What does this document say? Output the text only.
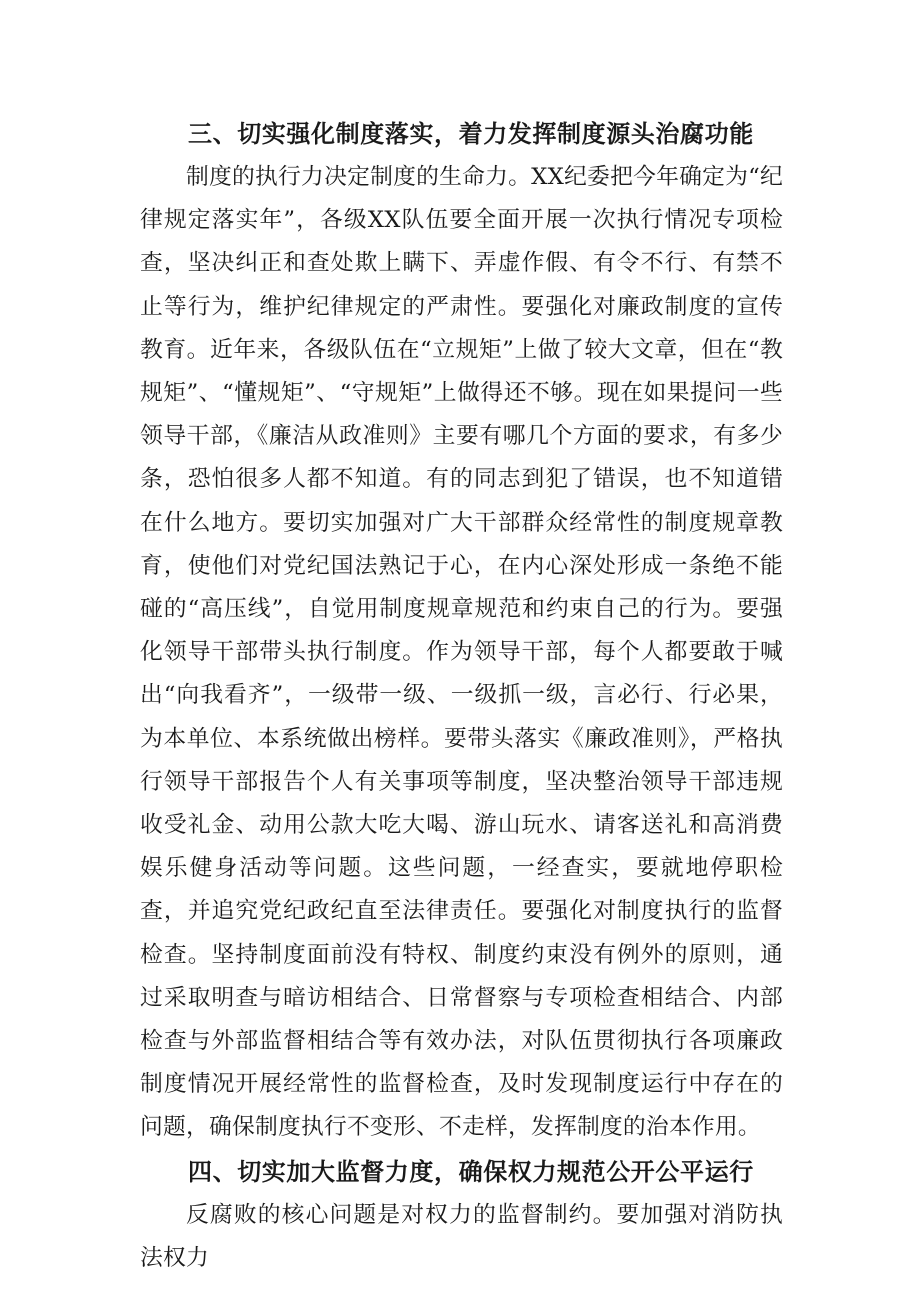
三、切实强化制度落实，着力发挥制度源头治腐功能

制度的执行力决定制度的生命力。XX纪委把今年确定为“纪律规定落实年”，各级XX队伍要全面开展一次执行情况专项检查，坚决纠正和查处欺上瞒下、弄虚作假、有令不行、有禁不止等行为，维护纪律规定的严肃性。要强化对廉政制度的宣传教育。近年来，各级队伍在“立规矩”上做了较大文章，但在“教规矩”、“懂规矩”、“守规矩”上做得还不够。现在如果提问一些领导干部，《廉洁从政准则》主要有哪几个方面的要求，有多少条，恐怕很多人都不知道。有的同志到犯了错误，也不知道错在什么地方。要切实加强对广大干部群众经常性的制度规章教育，使他们对党纪国法熟记于心，在内心深处形成一条绝不能碰的“高压线”，自觉用制度规章规范和约束自己的行为。要强化领导干部带头执行制度。作为领导干部，每个人都要敢于喊出“向我看齐”，一级带一级、一级抓一级，言必行、行必果，为本单位、本系统做出榜样。要带头落实《廉政准则》，严格执行领导干部报告个人有关事项等制度，坚决整治领导干部违规收受礼金、动用公款大吃大喝、游山玩水、请客送礼和高消费娱乐健身活动等问题。这些问题，一经查实，要就地停职检查，并追究党纪政纪直至法律责任。要强化对制度执行的监督检查。坚持制度面前没有特权、制度约束没有例外的原则，通过采取明查与暗访相结合、日常督察与专项检查相结合、内部检查与外部监督相结合等有效办法，对队伍贯彻执行各项廉政制度情况开展经常性的监督检查，及时发现制度运行中存在的问题，确保制度执行不变形、不走样，发挥制度的治本作用。

四、切实加大监督力度，确保权力规范公开公平运行

反腐败的核心问题是对权力的监督制约。要加强对消防执法权力
